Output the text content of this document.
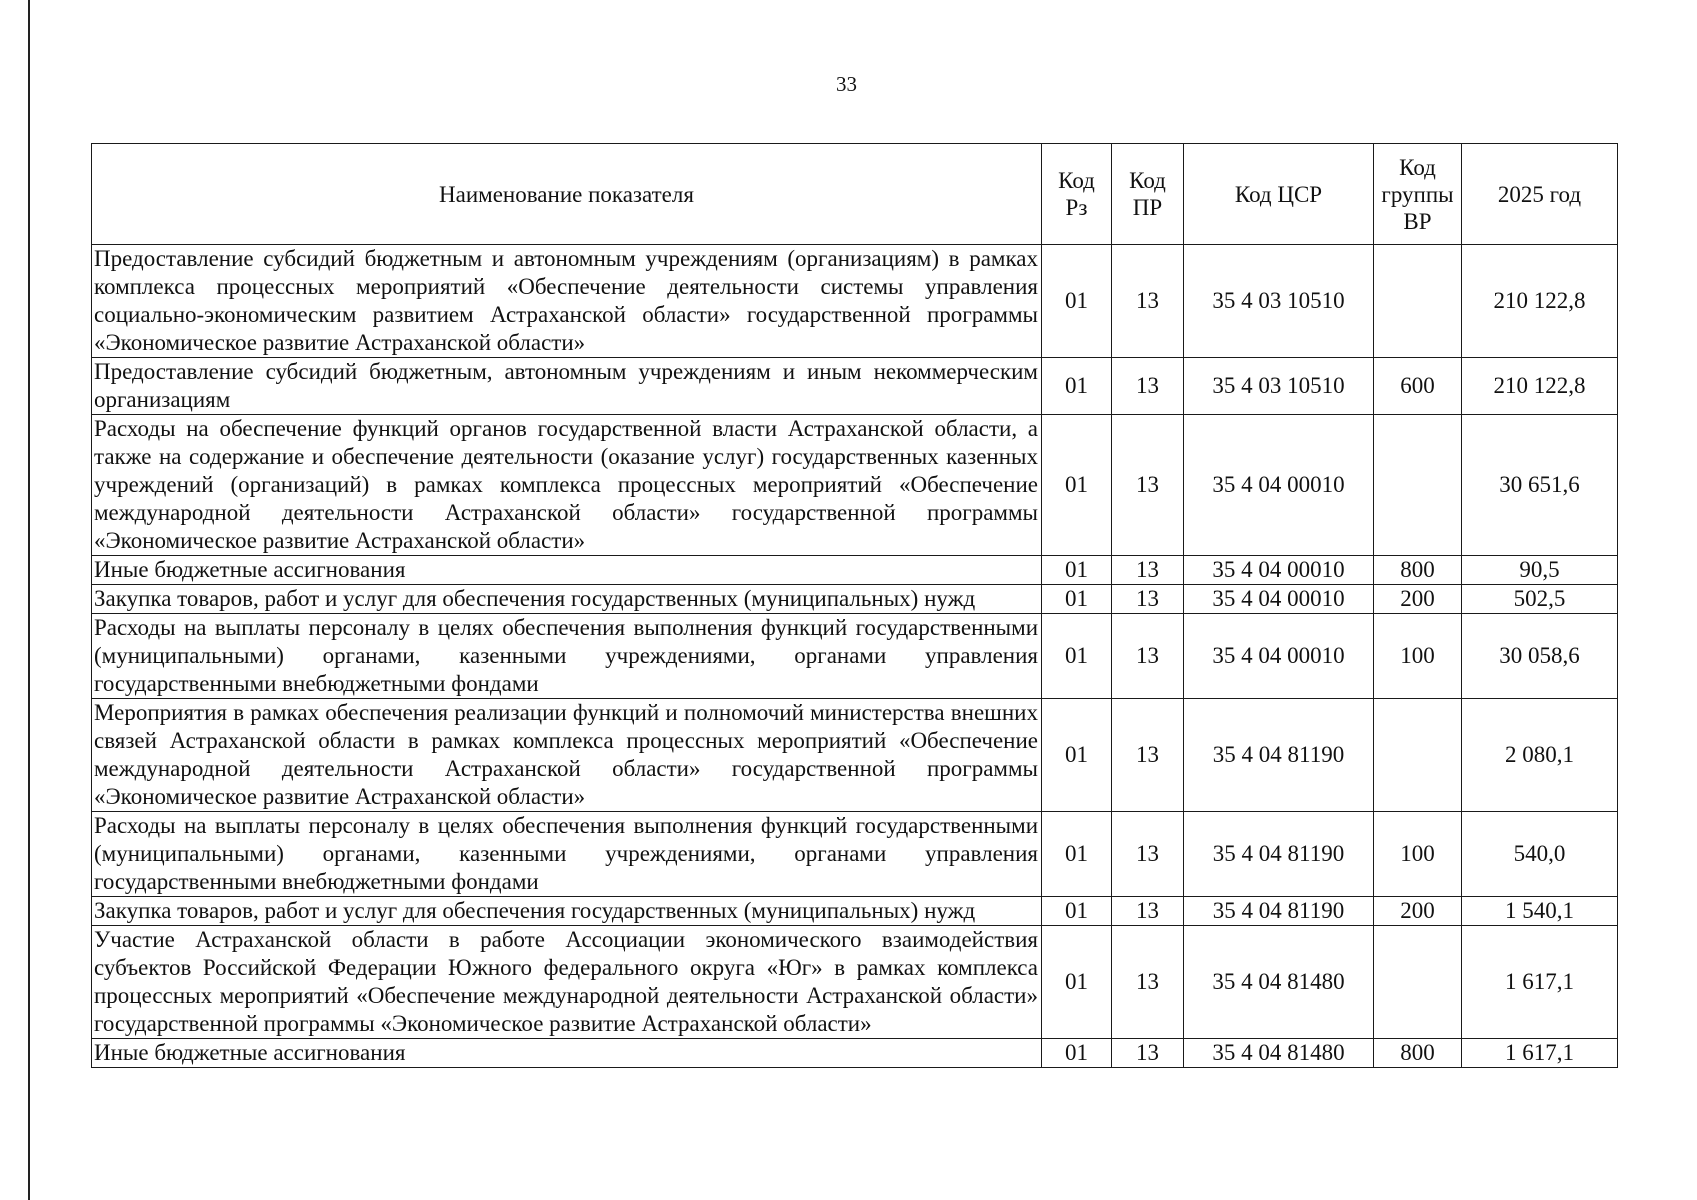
33
Наименование показателя	Код Рз	Код ПР	Код ЦСР	Код группы ВР	2025 год
Предоставление субсидий бюджетным и автономным учреждениям (организациям) в рамках комплекса процессных мероприятий «Обеспечение деятельности системы управления социально-экономическим развитием Астраханской области» государственной программы «Экономическое развитие Астраханской области»	01	13	35 4 03 10510		210 122,8
Предоставление субсидий бюджетным, автономным учреждениям и иным некоммерческим организациям	01	13	35 4 03 10510	600	210 122,8
Расходы на обеспечение функций органов государственной власти Астраханской области, а также на содержание и обеспечение деятельности (оказание услуг) государственных казенных учреждений (организаций) в рамках комплекса процессных мероприятий «Обеспечение международной деятельности Астраханской области» государственной программы «Экономическое развитие Астраханской области»	01	13	35 4 04 00010		30 651,6
Иные бюджетные ассигнования	01	13	35 4 04 00010	800	90,5
Закупка товаров, работ и услуг для обеспечения государственных (муниципальных) нужд	01	13	35 4 04 00010	200	502,5
Расходы на выплаты персоналу в целях обеспечения выполнения функций государственными (муниципальными) органами, казенными учреждениями, органами управления государственными внебюджетными фондами	01	13	35 4 04 00010	100	30 058,6
Мероприятия в рамках обеспечения реализации функций и полномочий министерства внешних связей Астраханской области в рамках комплекса процессных мероприятий «Обеспечение международной деятельности Астраханской области» государственной программы «Экономическое развитие Астраханской области»	01	13	35 4 04 81190		2 080,1
Расходы на выплаты персоналу в целях обеспечения выполнения функций государственными (муниципальными) органами, казенными учреждениями, органами управления государственными внебюджетными фондами	01	13	35 4 04 81190	100	540,0
Закупка товаров, работ и услуг для обеспечения государственных (муниципальных) нужд	01	13	35 4 04 81190	200	1 540,1
Участие Астраханской области в работе Ассоциации экономического взаимодействия субъектов Российской Федерации Южного федерального округа «Юг» в рамках комплекса процессных мероприятий «Обеспечение международной деятельности Астраханской области» государственной программы «Экономическое развитие Астраханской области»	01	13	35 4 04 81480		1 617,1
Иные бюджетные ассигнования	01	13	35 4 04 81480	800	1 617,1
